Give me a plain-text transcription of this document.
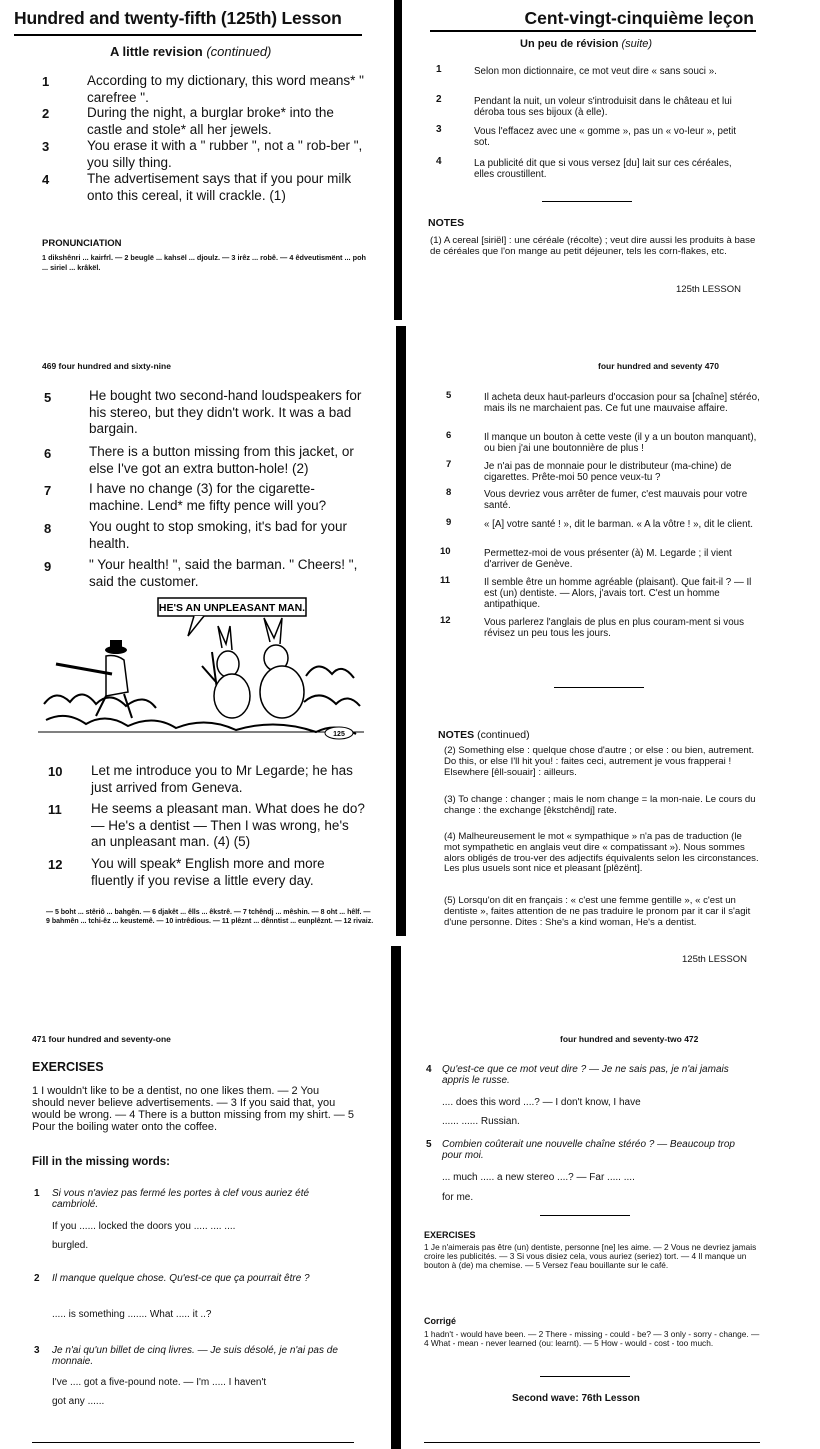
Hundred and twenty-fifth (125th) Lesson
A little revision (continued)
1	According to my dictionary, this word means* " carefree ".
2	During the night, a burglar broke* into the castle and stole* all her jewels.
3	You erase it with a " rubber ", not a " rob-ber ", you silly thing.
4	The advertisement says that if you pour milk onto this cereal, it will crackle. (1)
PRONUNCIATION
1 dikshênri ... kairfrl. — 2 beuglë ... kahsël ... djoulz. — 3 irêz ... robê. — 4 êdveutismënt ... poh ... siriel ... krâkël.
Cent-vingt-cinquième leçon
Un peu de révision (suite)
1	Selon mon dictionnaire, ce mot veut dire « sans souci ».
2	Pendant la nuit, un voleur s'introduisit dans le château et lui déroba tous ses bijoux (à elle).
3	Vous l'effacez avec une « gomme », pas un « vo-leur », petit sot.
4	La publicité dit que si vous versez [du] lait sur ces céréales, elles croustillent.
NOTES
(1) A cereal [siriël] : une céréale (récolte) ; veut dire aussi les produits à base de céréales que l'on mange au petit déjeuner, tels les corn-flakes, etc.
125th LESSON
469 four hundred and sixty-nine
5	He bought two second-hand loudspeakers for his stereo, but they didn't work. It was a bad bargain.
6	There is a button missing from this jacket, or else I've got an extra button-hole! (2)
7	I have no change (3) for the cigarette-machine. Lend* me fifty pence will you?
8	You ought to stop smoking, it's bad for your health.
9	" Your health! ", said the barman. " Cheers! ", said the customer.
HE'S AN UNPLEASANT MAN.
125
10 Let me introduce you to Mr Legarde; he has just arrived from Geneva.
11 He seems a pleasant man. What does he do? — He's a dentist — Then I was wrong, he's an unpleasant man. (4) (5)
12 You will speak* English more and more fluently if you revise a little every day.
— 5 boht ... stêriô ... bahgên. — 6 djakêt ... êlls ... êkstrê. — 7 tchêndj ... mêshin. — 8 oht ... hêlf. — 9 bahmên ... tchi-êz ... keustemê. — 10 intrêdious. — 11 plêznt ... dênntist ... eunplêznt. — 12 rivaiz.
four hundred and seventy 470
5	Il acheta deux haut-parleurs d'occasion pour sa [chaîne] stéréo, mais ils ne marchaient pas. Ce fut une mauvaise affaire.
6	Il manque un bouton à cette veste (il y a un bouton manquant), ou bien j'ai une boutonnière de plus !
7	Je n'ai pas de monnaie pour le distributeur (ma-chine) de cigarettes. Prête-moi 50 pence veux-tu ?
8	Vous devriez vous arrêter de fumer, c'est mauvais pour votre santé.
9	« [A] votre santé ! », dit le barman. « A la vôtre ! », dit le client.
10	Permettez-moi de vous présenter (à) M. Legarde ; il vient d'arriver de Genève.
11	Il semble être un homme agréable (plaisant). Que fait-il ? — Il est (un) dentiste. — Alors, j'avais tort. C'est un homme antipathique.
12	Vous parlerez l'anglais de plus en plus couram-ment si vous révisez un peu tous les jours.
NOTES (continued)
(2) Something else : quelque chose d'autre ; or else : ou bien, autrement. Do this, or else I'll hit you! : faites ceci, autrement je vous frapperai ! Elsewhere [êll-souair] : ailleurs.
(3) To change : changer ; mais le nom change = la mon-naie. Le cours du change : the exchange [êkstchêndj] rate.
(4) Malheureusement le mot « sympathique » n'a pas de traduction (le mot sympathetic en anglais veut dire « compatissant »). Nous sommes alors obligés de trou-ver des adjectifs équivalents selon les circonstances. Les plus usuels sont nice et pleasant [plêzënt].
(5) Lorsqu'on dit en français : « c'est une femme gentille », « c'est un dentiste », faites attention de ne pas traduire le pronom par it car il s'agit d'une personne. Dites : She's a kind woman, He's a dentist.
125th LESSON
471 four hundred and seventy-one
EXERCISES
1 I wouldn't like to be a dentist, no one likes them. — 2 You should never believe advertisements. — 3 If you said that, you would be wrong. — 4 There is a button missing from my shirt. — 5 Pour the boiling water onto the coffee.
Fill in the missing words:
1 Si vous n'aviez pas fermé les portes à clef vous auriez été cambriolé.
If you ...... locked the doors you ..... .... ....
burgled.
2 Il manque quelque chose. Qu'est-ce que ça pourrait être ?
..... is something ....... What ..... it ..?
3 Je n'ai qu'un billet de cinq livres. — Je suis désolé, je n'ai pas de monnaie.
I've .... got a five-pound note. — I'm ..... I haven't
got any ......
four hundred and seventy-two 472
4 Qu'est-ce que ce mot veut dire ? — Je ne sais pas, je n'ai jamais appris le russe.
.... does this word ....? — I don't know, I have
...... ...... Russian.
5 Combien coûterait une nouvelle chaîne stéréo ? — Beaucoup trop pour moi.
... much ..... a new stereo ....? — Far ..... ....
for me.
EXERCISES
1 Je n'aimerais pas être (un) dentiste, personne [ne] les aime. — 2 Vous ne devriez jamais croire les publicités. — 3 Si vous disiez cela, vous auriez (seriez) tort. — 4 Il manque un bouton à (de) ma chemise. — 5 Versez l'eau bouillante sur le café.
Corrigé
1 hadn't - would have been. — 2 There - missing - could - be? — 3 only - sorry - change. — 4 What - mean - never learned (ou: learnt). — 5 How - would - cost - too much.
Second wave: 76th Lesson
